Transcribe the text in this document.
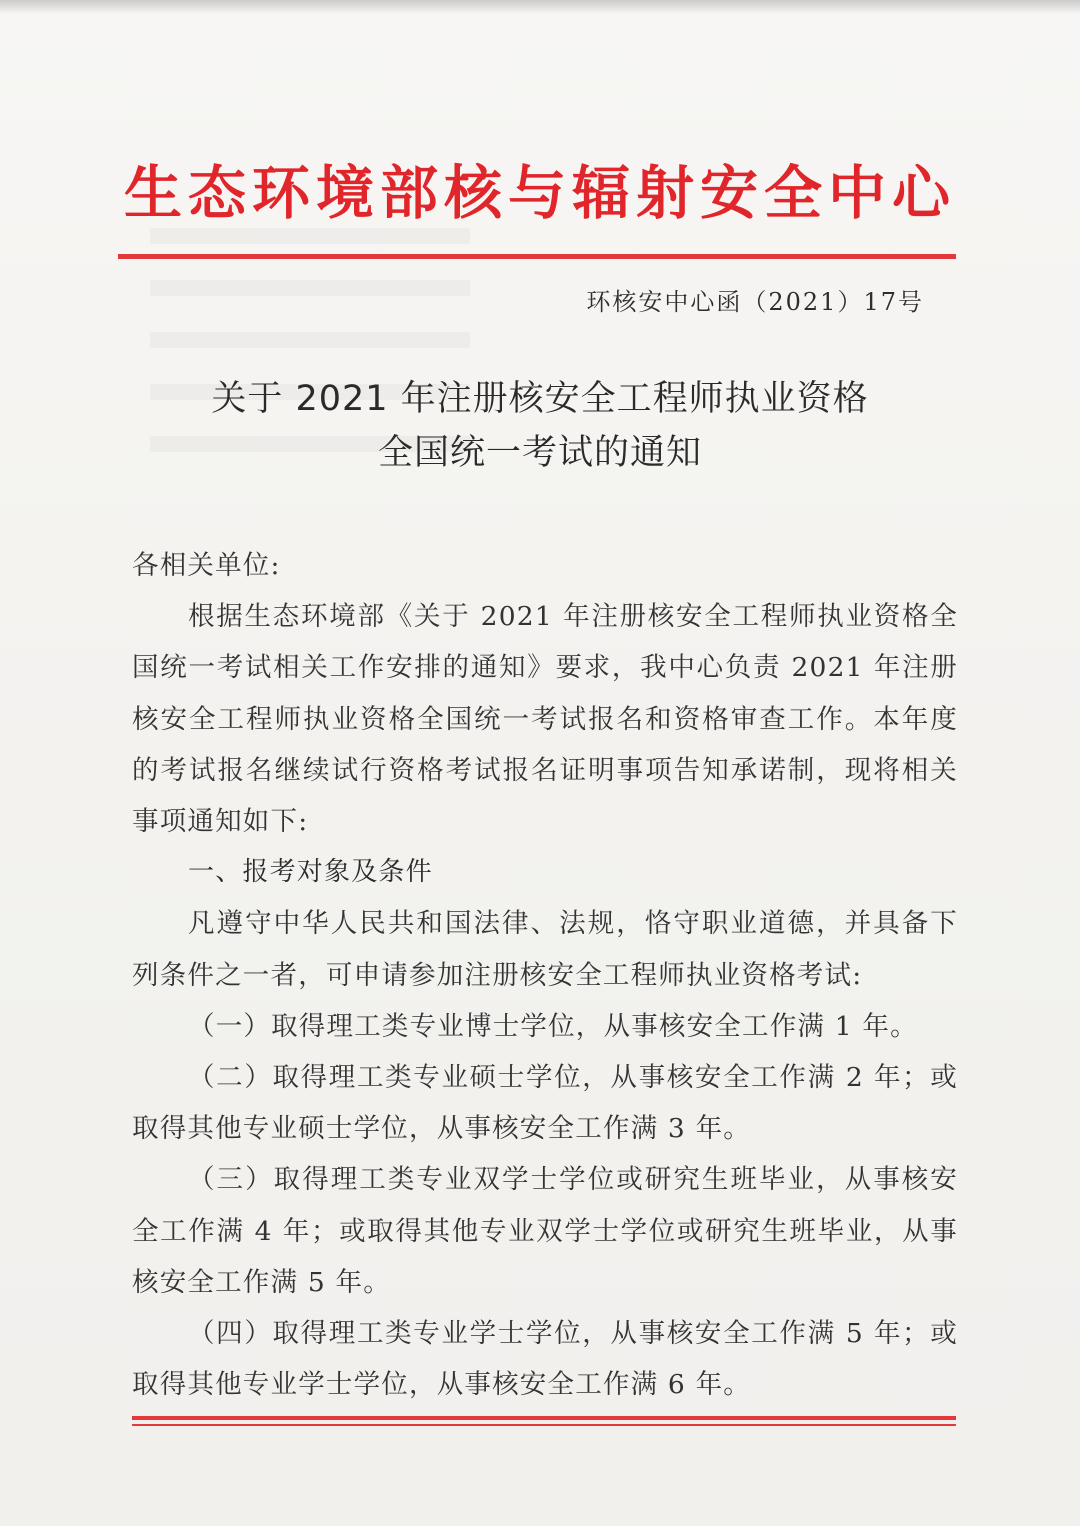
生态环境部核与辐射安全中心
环核安中心函（2021）17号
关于 2021 年注册核安全工程师执业资格
全国统一考试的通知

各相关单位:

根据生态环境部《关于 2021 年注册核安全工程师执业资格全国统一考试相关工作安排的通知》要求，我中心负责 2021 年注册核安全工程师执业资格全国统一考试报名和资格审查工作。本年度的考试报名继续试行资格考试报名证明事项告知承诺制，现将相关事项通知如下:

一、报考对象及条件

凡遵守中华人民共和国法律、法规，恪守职业道德，并具备下列条件之一者，可申请参加注册核安全工程师执业资格考试:

（一）取得理工类专业博士学位，从事核安全工作满 1 年。

（二）取得理工类专业硕士学位，从事核安全工作满 2 年；或取得其他专业硕士学位，从事核安全工作满 3 年。

（三）取得理工类专业双学士学位或研究生班毕业，从事核安全工作满 4 年；或取得其他专业双学士学位或研究生班毕业，从事核安全工作满 5 年。

（四）取得理工类专业学士学位，从事核安全工作满 5 年；或取得其他专业学士学位，从事核安全工作满 6 年。
